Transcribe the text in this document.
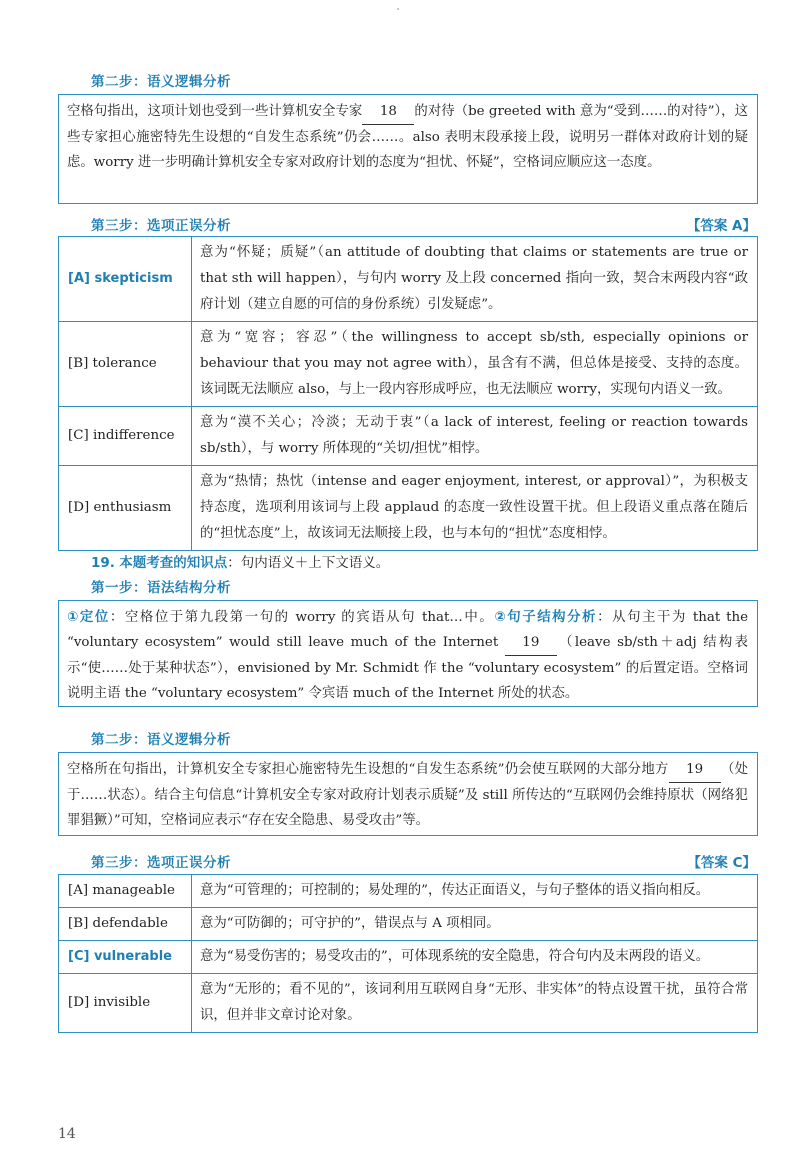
第二步：语义逻辑分析
空格句指出，这项计划也受到一些计算机安全专家 18 的对待（be greeted with 意为“受到……的对待”），这些专家担心施密特先生设想的“自发生态系统”仍会……。also 表明末段承接上段，说明另一群体对政府计划的疑虑。worry 进一步明确计算机安全专家对政府计划的态度为“担忧、怀疑”，空格词应顺应这一态度。
第三步：选项正误分析	【答案 A】
[A] skepticism	意为“怀疑；质疑”（an attitude of doubting that claims or statements are true or that sth will happen），与句内 worry 及上段 concerned 指向一致，契合末两段内容“政府计划（建立自愿的可信的身份系统）引发疑虑”。
[B] tolerance	意为“宽容；容忍”（the willingness to accept sb/sth, especially opinions or behaviour that you may not agree with），虽含有不满，但总体是接受、支持的态度。该词既无法顺应 also，与上一段内容形成呼应，也无法顺应 worry，实现句内语义一致。
[C] indifference	意为“漠不关心；冷淡；无动于衷”（a lack of interest, feeling or reaction towards sb/sth），与 worry 所体现的“关切/担忧”相悖。
[D] enthusiasm	意为“热情；热忱（intense and eager enjoyment, interest, or approval）”，为积极支持态度，选项利用该词与上段 applaud 的态度一致性设置干扰。但上段语义重点落在随后的“担忧态度”上，故该词无法顺接上段，也与本句的“担忧”态度相悖。
19. 本题考查的知识点：句内语义＋上下文语义。
第一步：语法结构分析
①定位：空格位于第九段第一句的 worry 的宾语从句 that…中。②句子结构分析：从句主干为 that the “voluntary ecosystem” would still leave much of the Internet 19 （leave sb/sth＋adj 结构表示“使……处于某种状态”），envisioned by Mr. Schmidt 作 the “voluntary ecosystem” 的后置定语。空格词说明主语 the “voluntary ecosystem” 令宾语 much of the Internet 所处的状态。
第二步：语义逻辑分析
空格所在句指出，计算机安全专家担心施密特先生设想的“自发生态系统”仍会使互联网的大部分地方 19 （处于……状态）。结合主句信息“计算机安全专家对政府计划表示质疑”及 still 所传达的“互联网仍会维持原状（网络犯罪猖獗）”可知，空格词应表示“存在安全隐患、易受攻击”等。
第三步：选项正误分析	【答案 C】
[A] manageable	意为“可管理的；可控制的；易处理的”，传达正面语义，与句子整体的语义指向相反。
[B] defendable	意为“可防御的；可守护的”，错误点与 A 项相同。
[C] vulnerable	意为“易受伤害的；易受攻击的”，可体现系统的安全隐患，符合句内及末两段的语义。
[D] invisible	意为“无形的；看不见的”，该词利用互联网自身“无形、非实体”的特点设置干扰，虽符合常识，但并非文章讨论对象。
14
